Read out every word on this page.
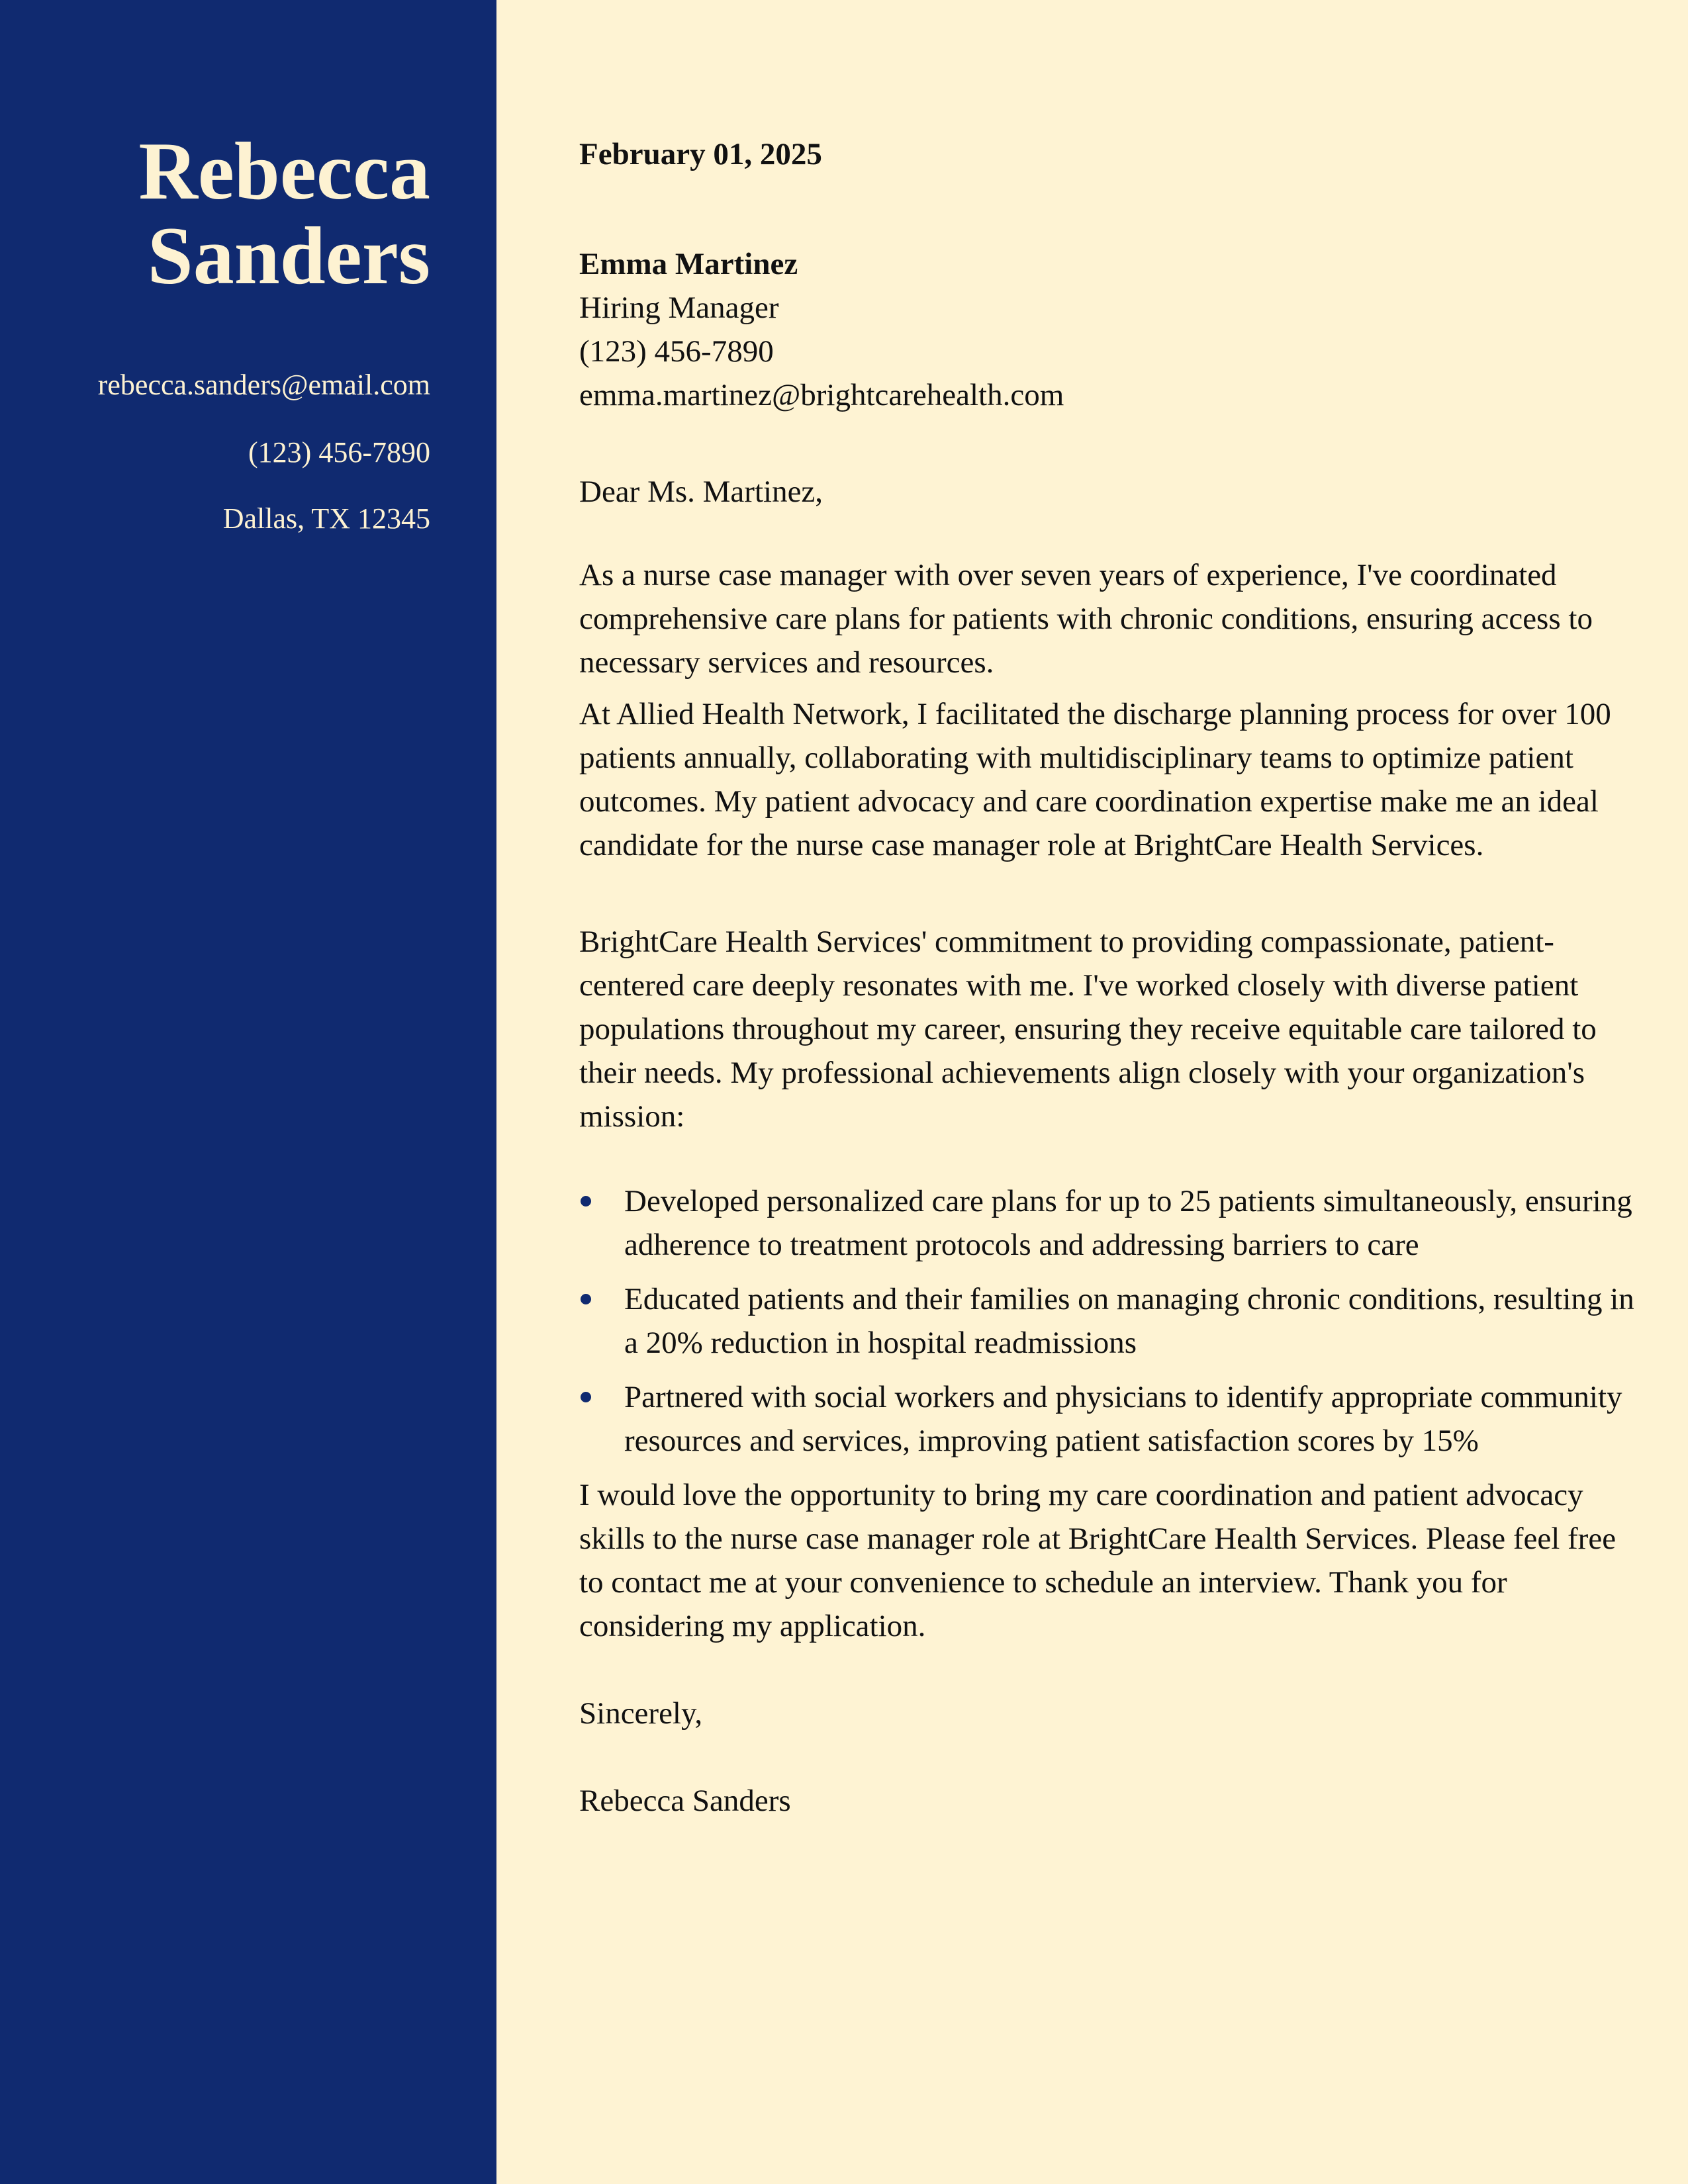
Rebecca
Sanders
rebecca.sanders@email.com
(123) 456-7890
Dallas, TX 12345
February 01, 2025
Emma Martinez
Hiring Manager
(123) 456-7890
emma.martinez@brightcarehealth.com
Dear Ms. Martinez,
As a nurse case manager with over seven years of experience, I've coordinated comprehensive care plans for patients with chronic conditions, ensuring access to necessary services and resources.
At Allied Health Network, I facilitated the discharge planning process for over 100 patients annually, collaborating with multidisciplinary teams to optimize patient outcomes. My patient advocacy and care coordination expertise make me an ideal candidate for the nurse case manager role at BrightCare Health Services.
BrightCare Health Services' commitment to providing compassionate, patient-centered care deeply resonates with me. I've worked closely with diverse patient populations throughout my career, ensuring they receive equitable care tailored to their needs. My professional achievements align closely with your organization's mission:
Developed personalized care plans for up to 25 patients simultaneously, ensuring adherence to treatment protocols and addressing barriers to care
Educated patients and their families on managing chronic conditions, resulting in a 20% reduction in hospital readmissions
Partnered with social workers and physicians to identify appropriate community resources and services, improving patient satisfaction scores by 15%
I would love the opportunity to bring my care coordination and patient advocacy skills to the nurse case manager role at BrightCare Health Services. Please feel free to contact me at your convenience to schedule an interview. Thank you for considering my application.
Sincerely,
Rebecca Sanders
